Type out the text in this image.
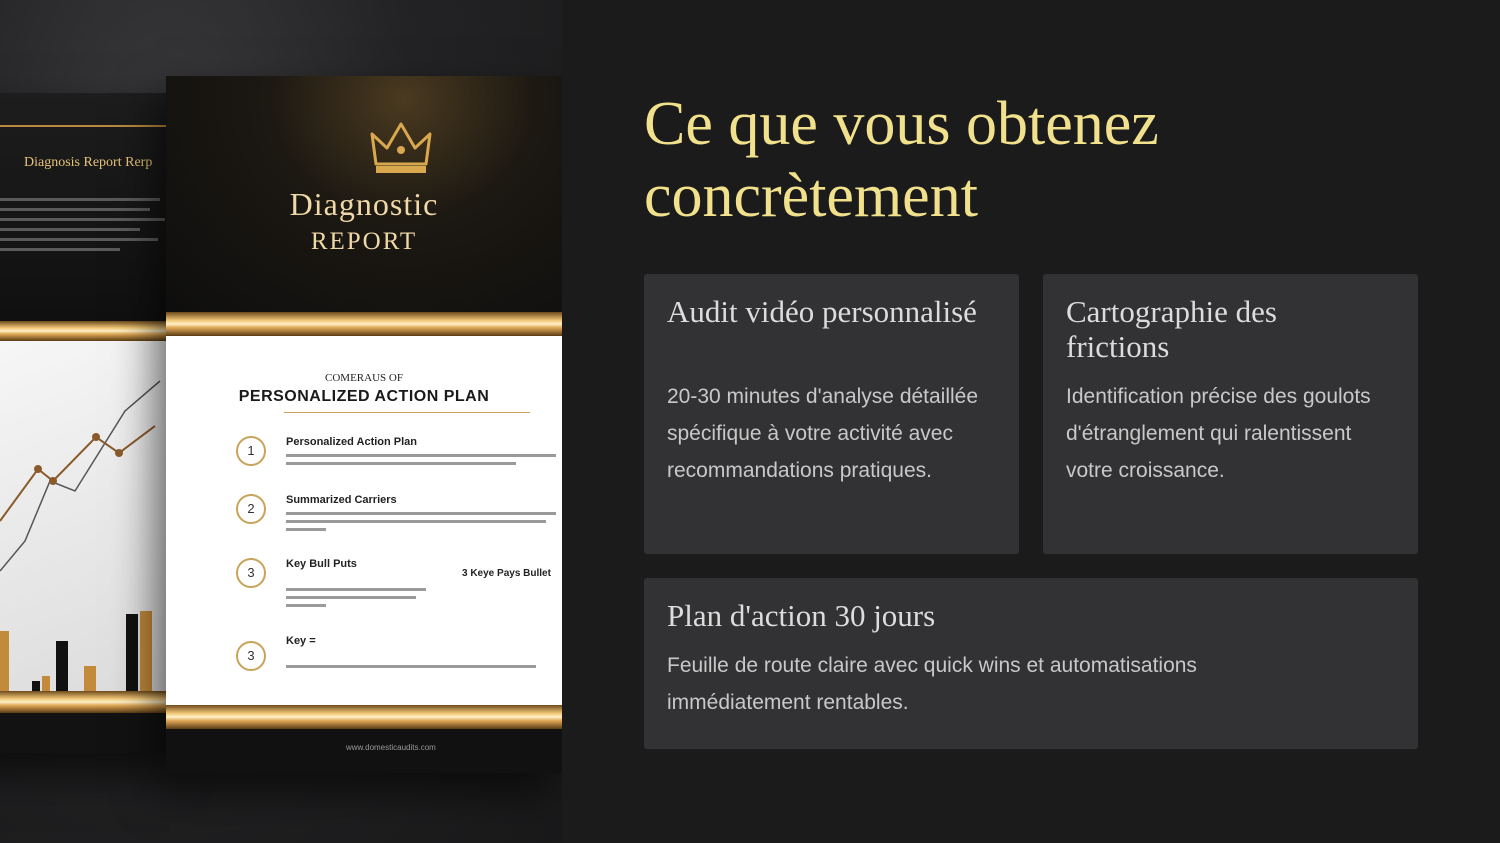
Diagnosis Report Rerp
Diagnostic
REPORT
COMERAUS OF
PERSONALIZED ACTION PLAN
1
Personalized Action Plan
2
Summarized Carriers
3
Key Bull Puts
3 Keye Pays Bullet
3
Key =
www.domesticaudits.com
Ce que vous obtenez concrètement
Audit vidéo personnalisé

20-30 minutes d'analyse détaillée spécifique à votre activité avec recommandations pratiques.

Cartographie des frictions

Identification précise des goulots d'étranglement qui ralentissent votre croissance.

Plan d'action 30 jours

Feuille de route claire avec quick wins et automatisations immédiatement rentables.
